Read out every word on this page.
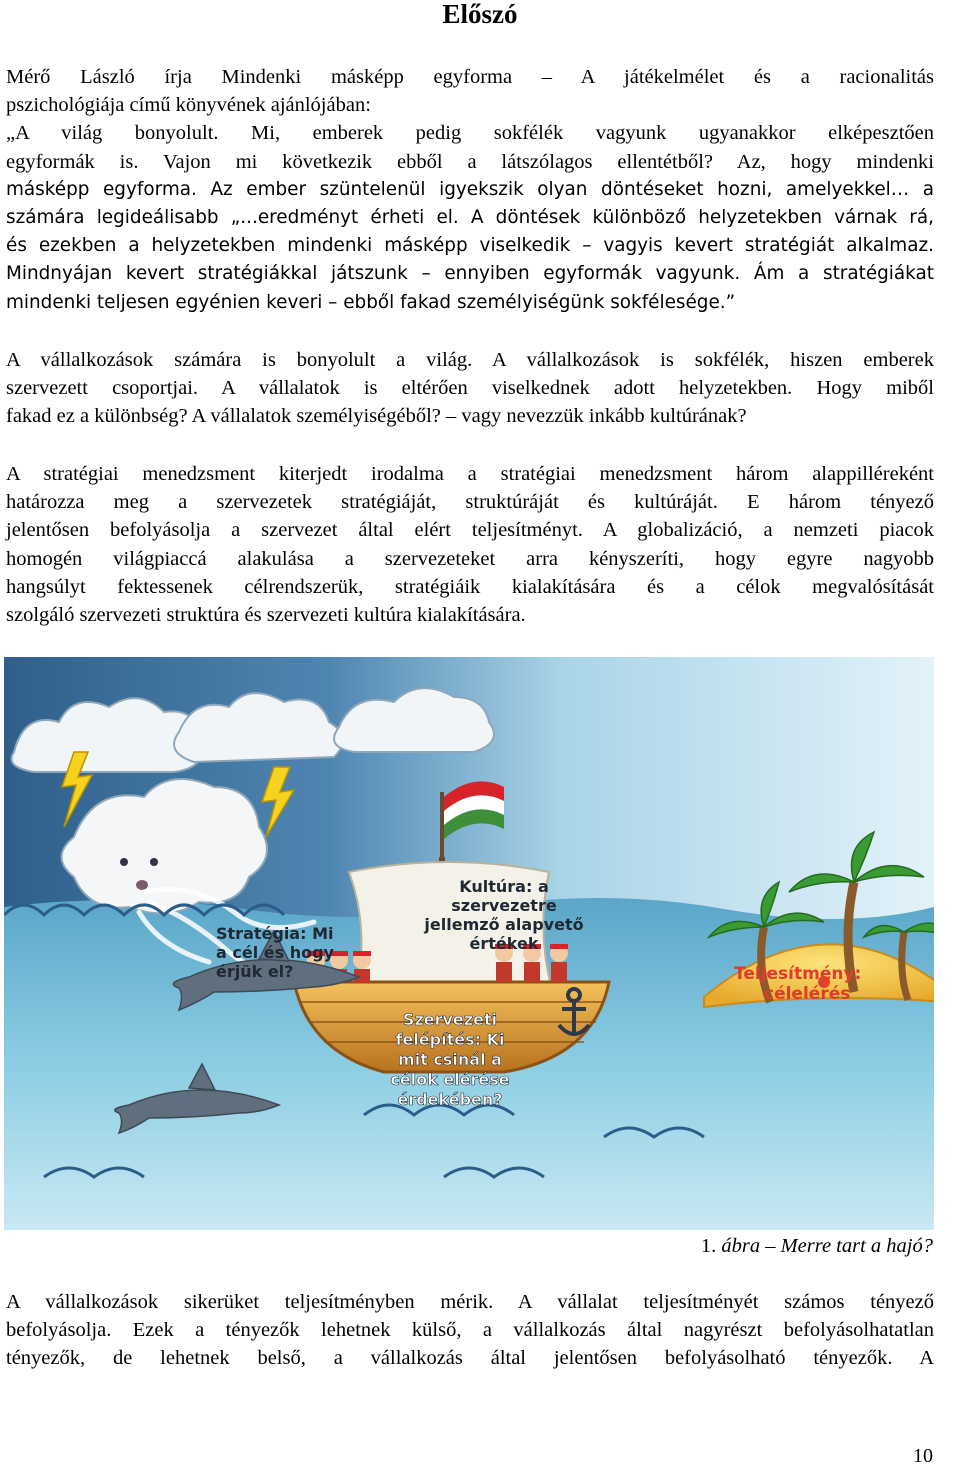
Előszó

Mérő László írja Mindenki másképp egyforma – A játékelmélet és a racionalitás
pszichológiája című könyvének ajánlójában:
„A világ bonyolult. Mi, emberek pedig sokfélék vagyunk ugyanakkor elképesztően
egyformák is. Vajon mi következik ebből a látszólagos ellentétből? Az, hogy mindenki
másképp egyforma. Az ember szüntelenül igyekszik olyan döntéseket hozni, amelyekkel… a
számára legideálisabb „...eredményt érheti el. A döntések különböző helyzetekben várnak rá,
és ezekben a helyzetekben mindenki másképp viselkedik – vagyis kevert stratégiát alkalmaz.
Mindnyájan kevert stratégiákkal játszunk – ennyiben egyformák vagyunk. Ám a stratégiákat
mindenki teljesen egyénien keveri – ebből fakad személyiségünk sokfélesége.”

A vállalkozások számára is bonyolult a világ. A vállalkozások is sokfélék, hiszen emberek
szervezett csoportjai. A vállalatok is eltérően viselkednek adott helyzetekben. Hogy miből
fakad ez a különbség? A vállalatok személyiségéből? – vagy nevezzük inkább kultúrának?

A stratégiai menedzsment kiterjedt irodalma a stratégiai menedzsment három alappilléreként
határozza meg a szervezetek stratégiáját, struktúráját és kultúráját. E három tényező
jelentősen befolyásolja a szervezet által elért teljesítményt. A globalizáció, a nemzeti piacok
homogén világpiaccá alakulása a szervezeteket arra kényszeríti, hogy egyre nagyobb
hangsúlyt fektessenek célrendszerük, stratégiáik kialakítására és a célok megvalósítását
szolgáló szervezeti struktúra és szervezeti kultúra kialakítására.

Kultúra: a
szervezetre
jellemző alapvető
értékek
Stratégia: Mi
a cél és hogy
érjük el?
Szervezeti
felépítés: Ki
mit csinál a
célok elérése
érdekében?
Teljesítmény:
célelérés

1. ábra – Merre tart a hajó?

A vállalkozások sikerüket teljesítményben mérik. A vállalat teljesítményét számos tényező
befolyásolja. Ezek a tényezők lehetnek külső, a vállalkozás által nagyrészt befolyásolhatatlan
tényezők, de lehetnek belső, a vállalkozás által jelentősen befolyásolható tényezők. A

10
